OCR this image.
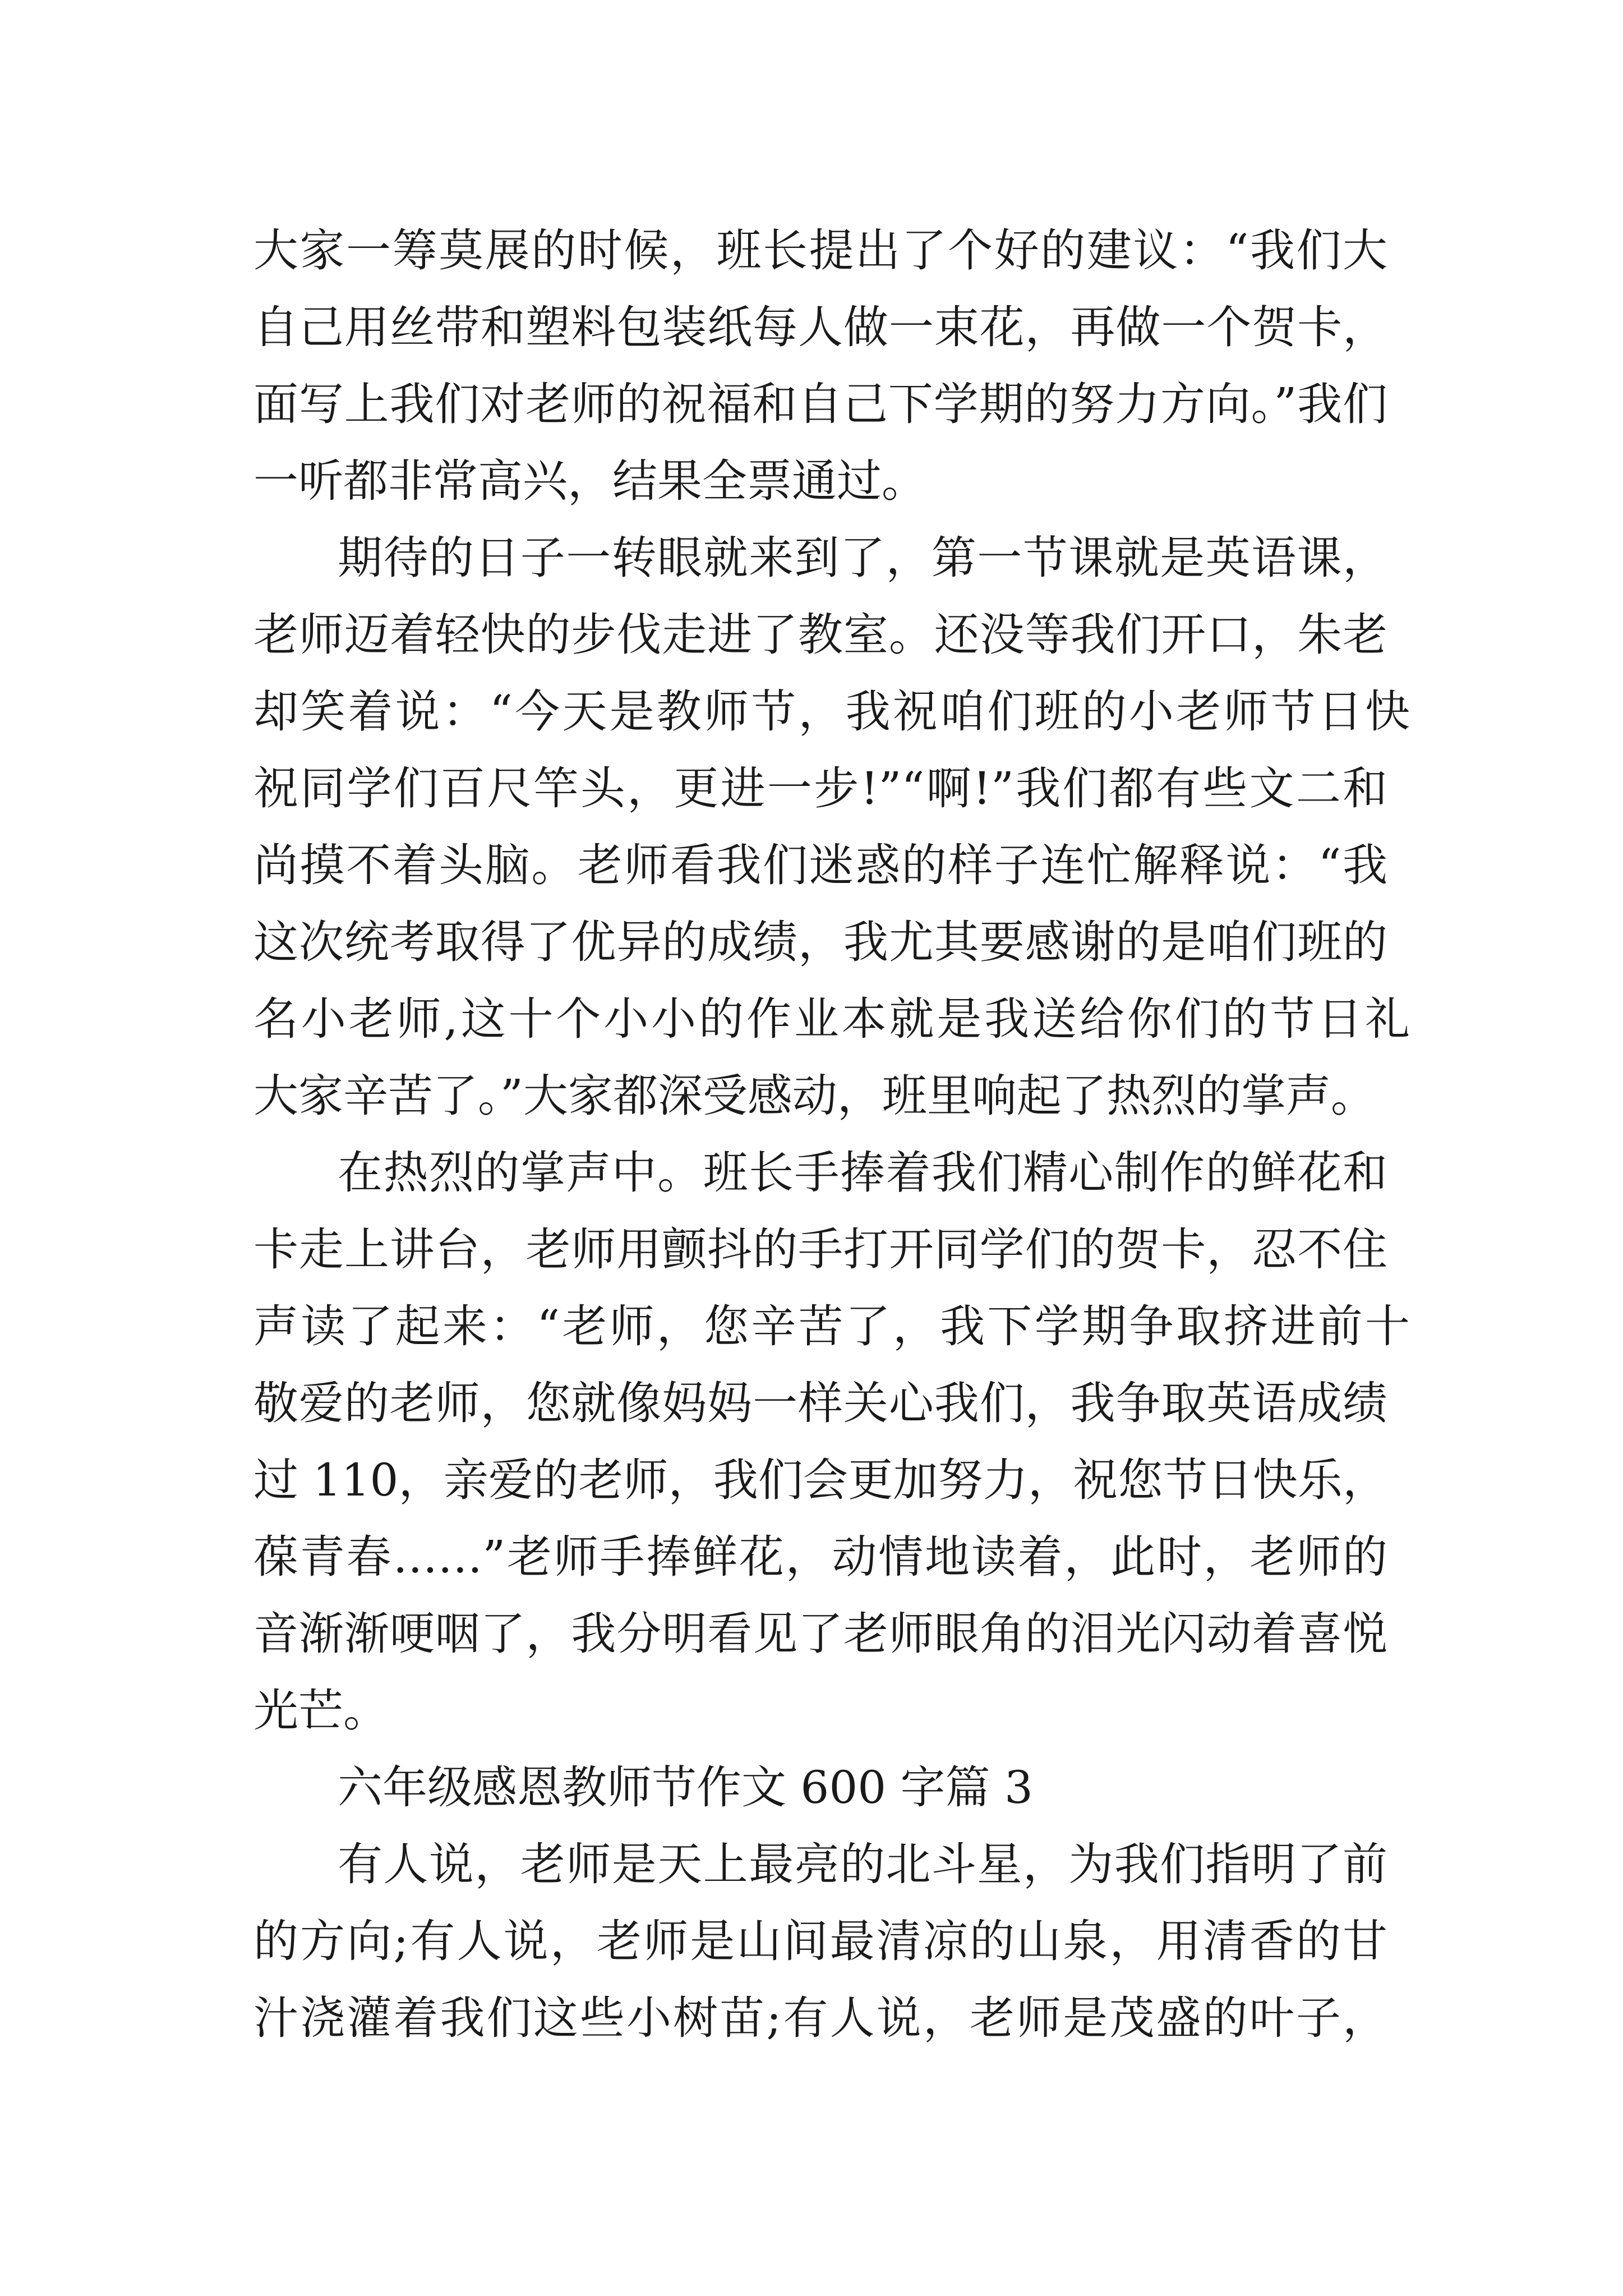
大家一筹莫展的时候，班长提出了个好的建议：“我们大
自己用丝带和塑料包装纸每人做一束花，再做一个贺卡，
面写上我们对老师的祝福和自己下学期的努力方向。”我们
一听都非常高兴，结果全票通过。
期待的日子一转眼就来到了，第一节课就是英语课，
老师迈着轻快的步伐走进了教室。还没等我们开口，朱老
却笑着说：“今天是教师节，我祝咱们班的小老师节日快
祝同学们百尺竿头，更进一步!”“啊!”我们都有些文二和
尚摸不着头脑。老师看我们迷惑的样子连忙解释说：“我
这次统考取得了优异的成绩，我尤其要感谢的是咱们班的
名小老师,这十个小小的作业本就是我送给你们的节日礼
大家辛苦了。”大家都深受感动，班里响起了热烈的掌声。
在热烈的掌声中。班长手捧着我们精心制作的鲜花和
卡走上讲台，老师用颤抖的手打开同学们的贺卡，忍不住
声读了起来：“老师，您辛苦了，我下学期争取挤进前十
敬爱的老师，您就像妈妈一样关心我们，我争取英语成绩
过 110，亲爱的老师，我们会更加努力，祝您节日快乐，
葆青春……”老师手捧鲜花，动情地读着，此时，老师的
音渐渐哽咽了，我分明看见了老师眼角的泪光闪动着喜悦
光芒。
六年级感恩教师节作文 600 字篇 3
有人说，老师是天上最亮的北斗星，为我们指明了前
的方向;有人说，老师是山间最清凉的山泉，用清香的甘
汁浇灌着我们这些小树苗;有人说，老师是茂盛的叶子，
